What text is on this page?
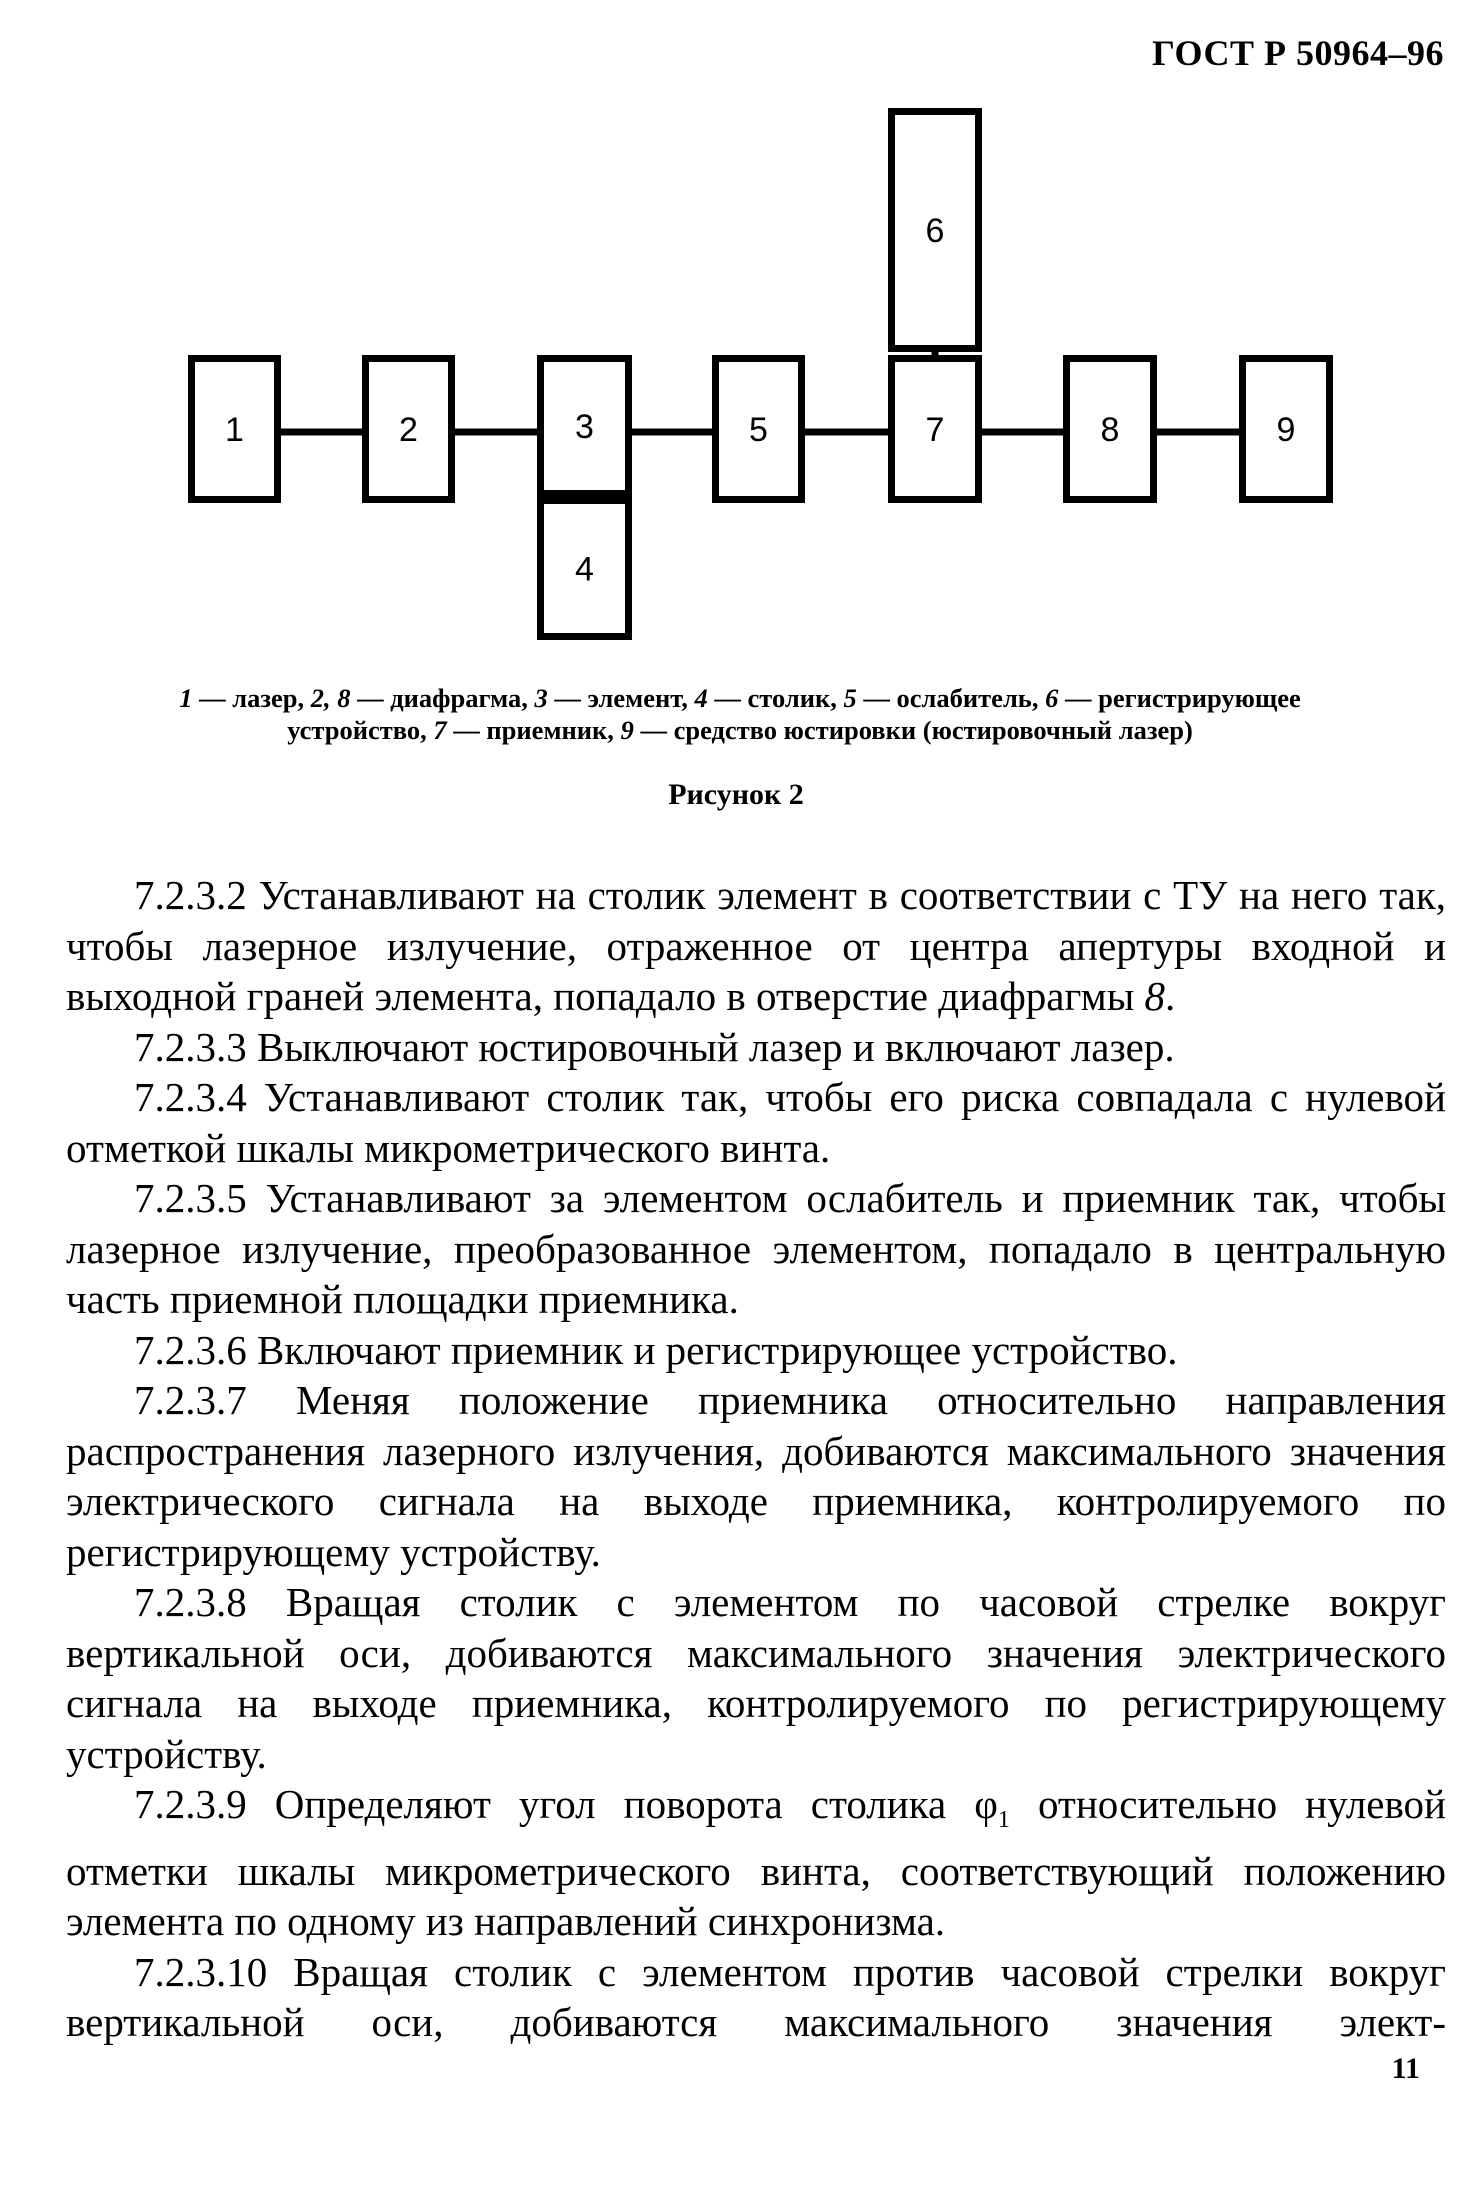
ГОСТ Р 50964–96
1	2	3
4
5
6
7	8	9
1 — лазер, 2, 8 — диафрагма, 3 — элемент, 4 — столик, 5 — ослабитель, 6 — регистрирующее устройство, 7 — приемник, 9 — средство юстировки (юстировочный лазер)
Рисунок 2

7.2.3.2 Устанавливают на столик элемент в соответствии с ТУ на него так, чтобы лазерное излучение, отраженное от центра апертуры входной и выходной граней элемента, попадало в отверстие диафрагмы 8.

7.2.3.3 Выключают юстировочный лазер и включают лазер.

7.2.3.4 Устанавливают столик так, чтобы его риска совпадала с нулевой отметкой шкалы микрометрического винта.

7.2.3.5 Устанавливают за элементом ослабитель и приемник так, чтобы лазерное излучение, преобразованное элементом, попадало в центральную часть приемной площадки приемника.

7.2.3.6 Включают приемник и регистрирующее устройство.

7.2.3.7 Меняя положение приемника относительно направления распространения лазерного излучения, добиваются максимального значения электрического сигнала на выходе приемника, контролируемого по регистрирующему устройству.

7.2.3.8 Вращая столик с элементом по часовой стрелке вокруг вертикальной оси, добиваются максимального значения электрического сигнала на выходе приемника, контролируемого по регистрирующему устройству.

7.2.3.9 Определяют угол поворота столика $\varphi_1$ относительно нулевой отметки шкалы микрометрического винта, соответствующий положению элемента по одному из направлений синхронизма.

7.2.3.10 Вращая столик с элементом против часовой стрелки вокруг вертикальной оси, добиваются максимального значения элект-

11
